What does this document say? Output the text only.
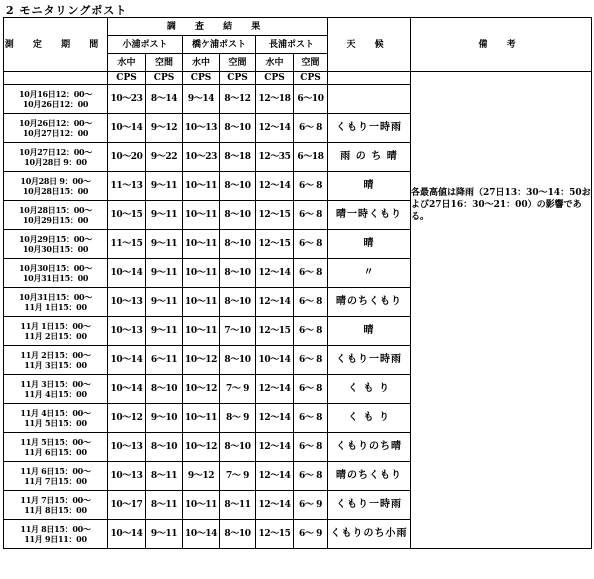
2 モニタリングポスト
測 定 期 間	調 査 結 果						天 候	備 考
	小浦ポスト		橋ケ浦ポスト		長浦ポスト			
	水中	空間	水中	空間	水中	空間		
	CPS	CPS	CPS	CPS	CPS	CPS		各最高値は降雨（27日13：30～14：50および27日16：30～21：00）の影響である。

10月16日12：00～
10月26日12：00	10～23	8～14	9～14	8～12	12～18	6～10		

10月26日12：00～
10月27日12：00	10～14	9～12	10～13	8～10	12～14	6～ 8	くもり一時雨	

10月27日12：00～
10月28日 9：00	10～20	9～22	10～23	8～18	12～35	6～18	雨 の ち 晴	

10月28日 9：00～
10月28日15：00	11～13	9～11	10～11	8～10	12～14	6～ 8	晴	

10月28日15：00～
10月29日15：00	10～15	9～11	10～11	8～10	12～15	6～ 8	晴一時くもり	

10月29日15：00～
10月30日15：00	11～15	9～11	10～11	8～10	12～15	6～ 8	晴	

10月30日15：00～
10月31日15：00	10～14	9～11	10～11	8～10	12～14	6～ 8	〃	

10月31日15：00～
11月 1日15：00	10～13	9～11	10～11	8～10	12～14	6～ 8	晴のちくもり	

11月 1日15：00～
11月 2日15：00	10～13	9～11	10～11	7～10	12～15	6～ 8	晴	

11月 2日15：00～
11月 3日15：00	10～14	6～11	10～12	8～10	10～14	6～ 8	くもり一時雨	

11月 3日15：00～
11月 4日15：00	10～14	8～10	10～12	7～ 9	12～14	6～ 8	く も り	

11月 4日15：00～
11月 5日15：00	10～12	9～10	10～11	8～ 9	12～14	6～ 8	く も り	

11月 5日15：00～
11月 6日15：00	10～13	8～10	10～12	8～10	12～14	6～ 8	くもりのち晴	

11月 6日15：00～
11月 7日15：00	10～13	8～11	9～12	7～ 9	12～14	6～ 8	晴のちくもり	

11月 7日15：00～
11月 8日15：00	10～17	8～11	10～11	8～11	12～14	6～ 9	くもり一時雨	

11月 8日15：00～
11月 9日11：00	10～14	9～11	10～14	8～10	12～15	6～ 9	くもりのち小雨	
